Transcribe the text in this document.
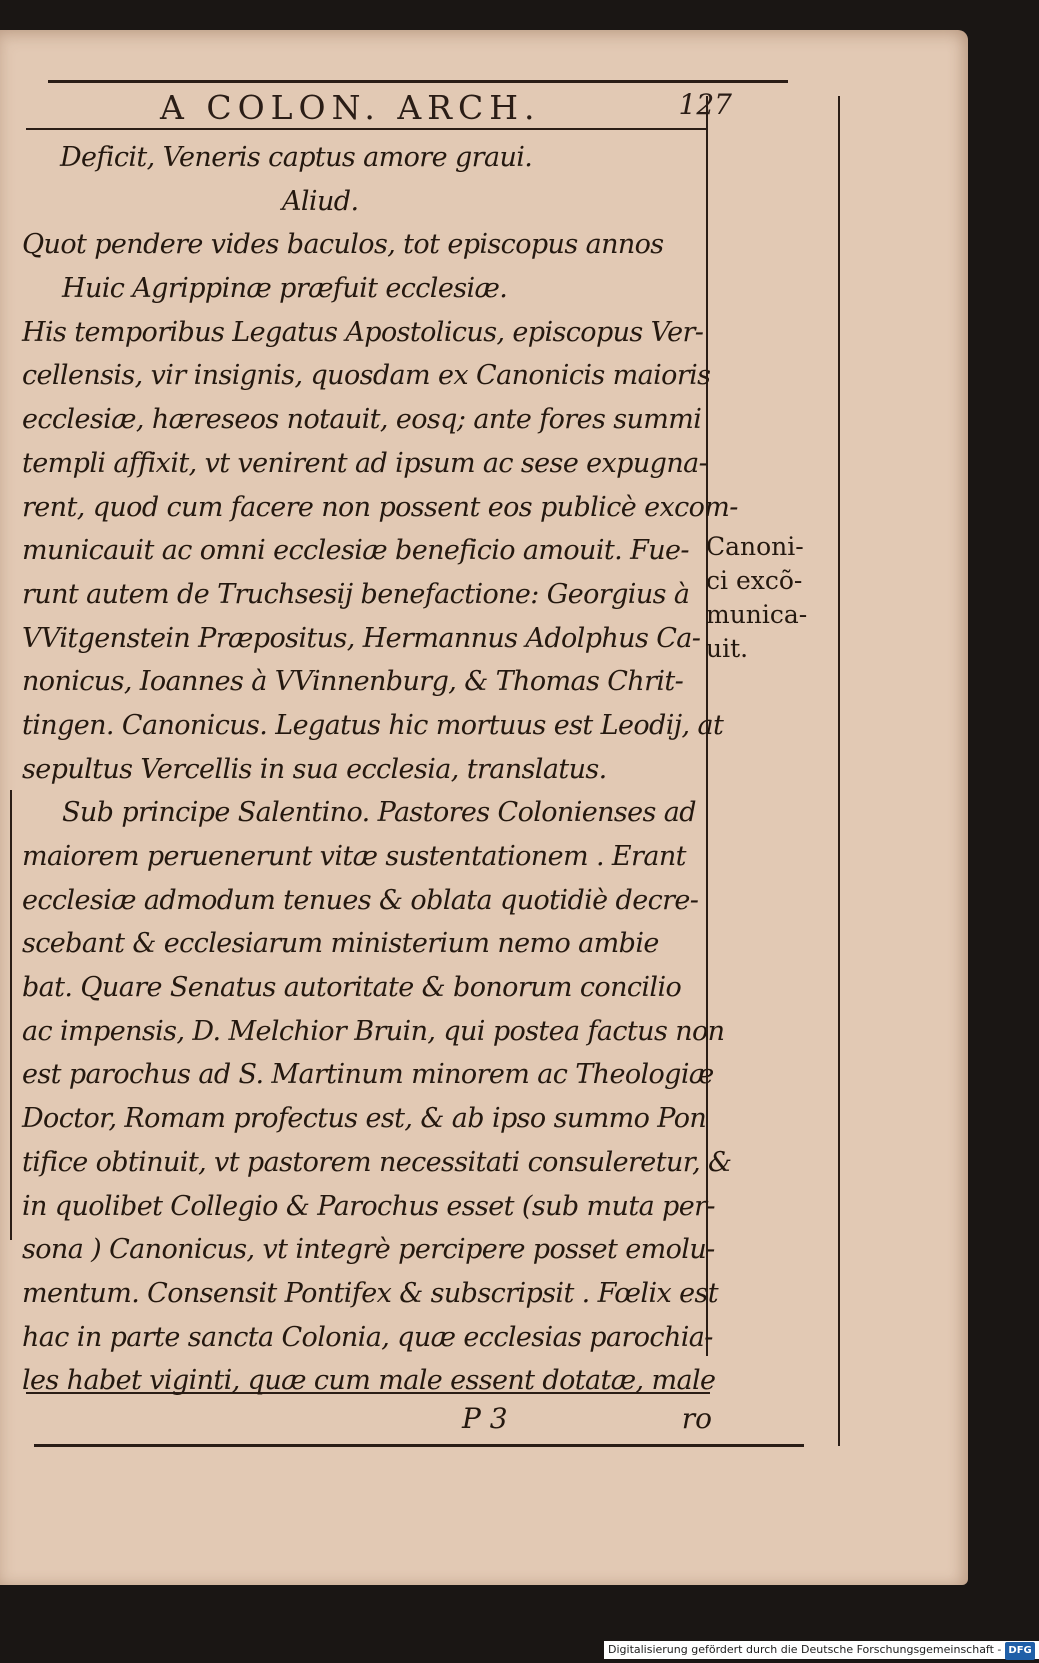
A COLON. ARCH.	127
Deficit, Veneris captus amore graui.
Aliud.
Quot pendere vides baculos, tot episcopus annos
Huic Agrippinæ præfuit ecclesiæ.
His temporibus Legatus Apostolicus, episcopus Ver-
cellensis, vir insignis, quosdam ex Canonicis maioris
ecclesiæ, hæreseos notauit, eosq; ante fores summi
templi affixit, vt venirent ad ipsum ac sese expugna-
rent, quod cum facere non possent eos publicè excom-
municauit ac omni ecclesiæ beneficio amouit. Fue-
runt autem de Truchsesij benefactione: Georgius à
VVitgenstein Præpositus, Hermannus Adolphus Ca-
nonicus, Ioannes à VVinnenburg, & Thomas Chrit-
tingen. Canonicus. Legatus hic mortuus est Leodij, at
sepultus Vercellis in sua ecclesia, translatus.
Sub principe Salentino. Pastores Colonienses ad
maiorem peruenerunt vitæ sustentationem . Erant
ecclesiæ admodum tenues & oblata quotidiè decre-
scebant & ecclesiarum ministerium nemo ambie
bat. Quare Senatus autoritate & bonorum concilio
ac impensis, D. Melchior Bruin, qui postea factus non
est parochus ad S. Martinum minorem ac Theologiæ
Doctor, Romam profectus est, & ab ipso summo Pon
tifice obtinuit, vt pastorem necessitati consuleretur, &
in quolibet Collegio & Parochus esset (sub muta per-
sona ) Canonicus, vt integrè percipere posset emolu-
mentum. Consensit Pontifex & subscripsit . Fœlix est
hac in parte sancta Colonia, quæ ecclesias parochia-
les habet viginti, quæ cum male essent dotatæ, male
Canoni-
ci excõ-
munica-
uit.
P 3	ro
Digitalisierung gefördert durch die Deutsche Forschungsgemeinschaft - DFG
